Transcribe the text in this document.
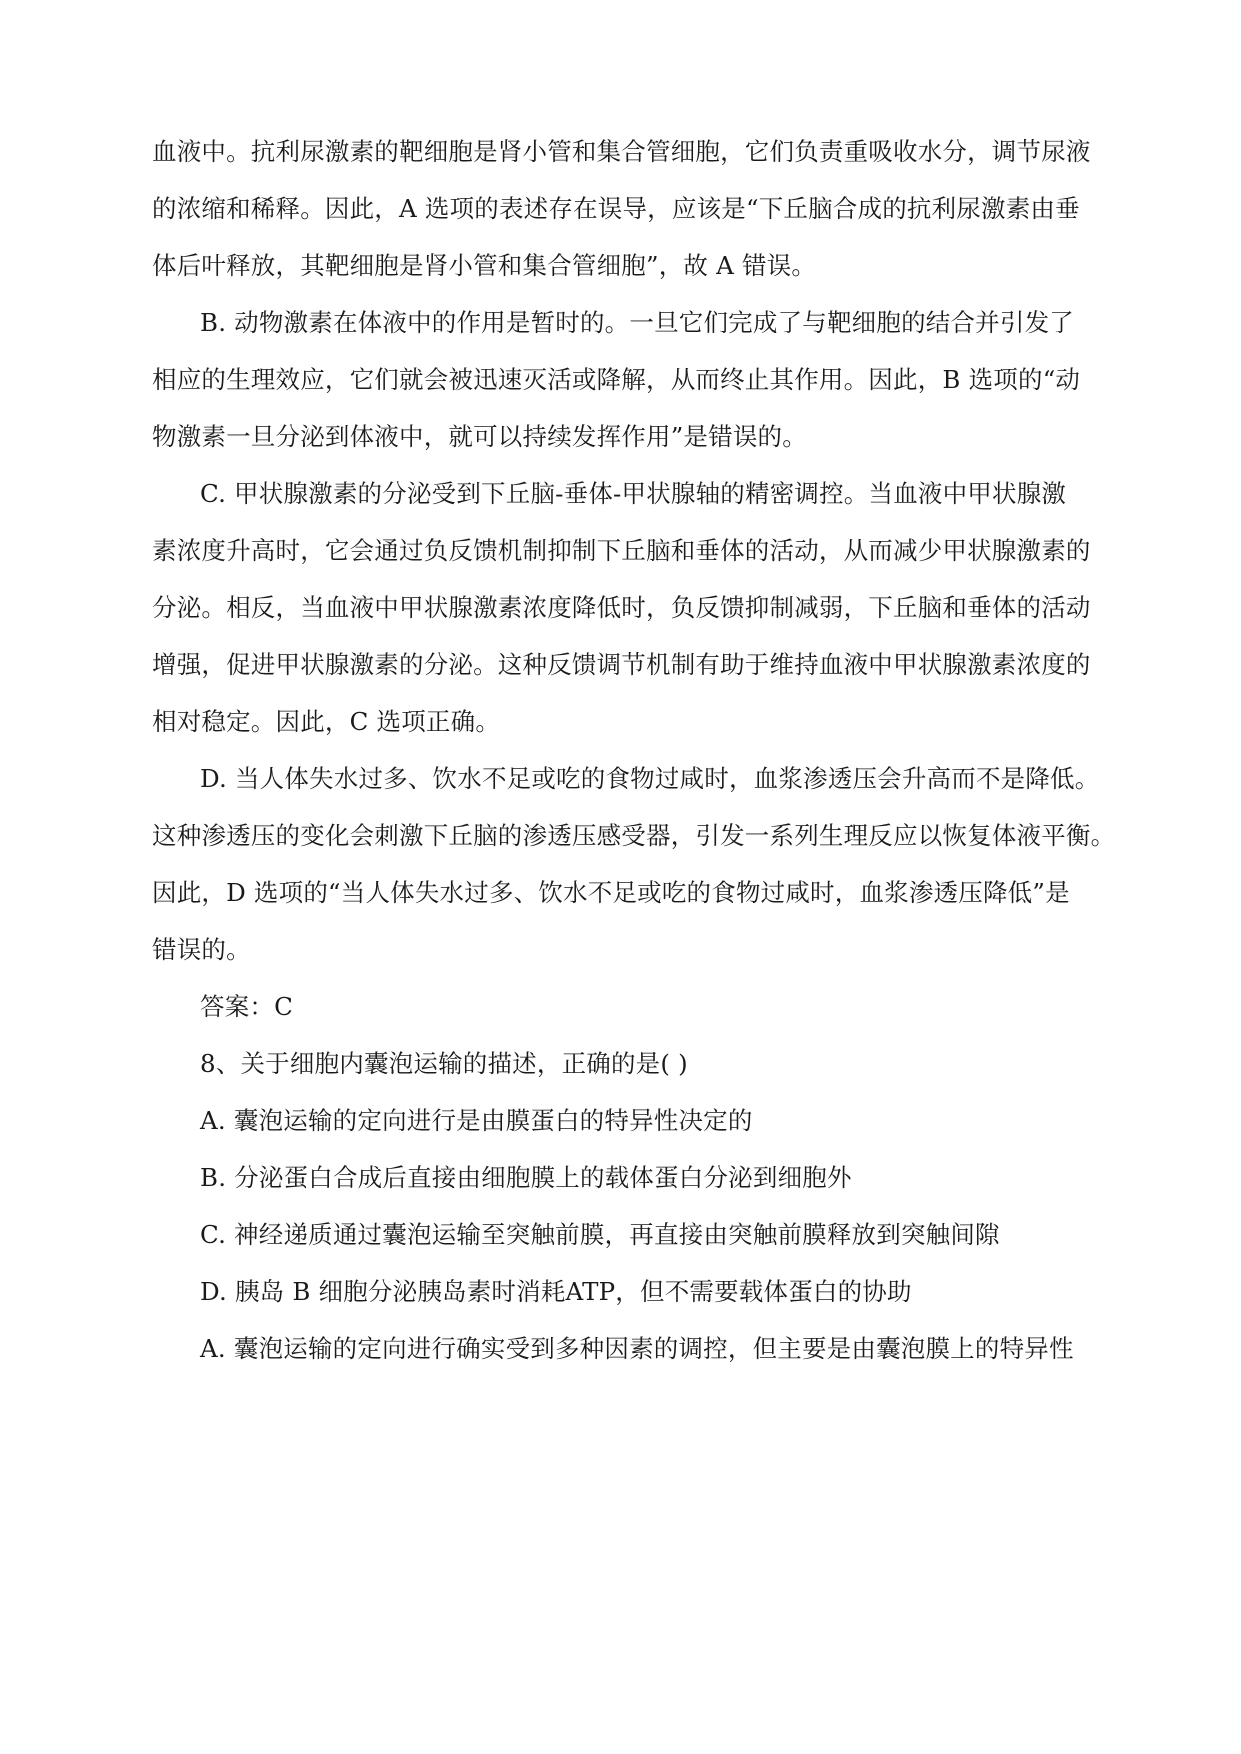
血液中。抗利尿激素的靶细胞是肾小管和集合管细胞，它们负责重吸收水分，调节尿液
的浓缩和稀释。因此，A 选项的表述存在误导，应该是“下丘脑合成的抗利尿激素由垂
体后叶释放，其靶细胞是肾小管和集合管细胞”，故 A 错误。
B. 动物激素在体液中的作用是暂时的。一旦它们完成了与靶细胞的结合并引发了
相应的生理效应，它们就会被迅速灭活或降解，从而终止其作用。因此，B 选项的“动
物激素一旦分泌到体液中，就可以持续发挥作用”是错误的。
C. 甲状腺激素的分泌受到下丘脑-垂体-甲状腺轴的精密调控。当血液中甲状腺激
素浓度升高时，它会通过负反馈机制抑制下丘脑和垂体的活动，从而减少甲状腺激素的
分泌。相反，当血液中甲状腺激素浓度降低时，负反馈抑制减弱，下丘脑和垂体的活动
增强，促进甲状腺激素的分泌。这种反馈调节机制有助于维持血液中甲状腺激素浓度的
相对稳定。因此，C 选项正确。
D. 当人体失水过多、饮水不足或吃的食物过咸时，血浆渗透压会升高而不是降低。
这种渗透压的变化会刺激下丘脑的渗透压感受器，引发一系列生理反应以恢复体液平衡。
因此，D 选项的“当人体失水过多、饮水不足或吃的食物过咸时，血浆渗透压降低”是
错误的。
答案：C
8、关于细胞内囊泡运输的描述，正确的是( )
A. 囊泡运输的定向进行是由膜蛋白的特异性决定的
B. 分泌蛋白合成后直接由细胞膜上的载体蛋白分泌到细胞外
C. 神经递质通过囊泡运输至突触前膜，再直接由突触前膜释放到突触间隙
D. 胰岛 B 细胞分泌胰岛素时消耗ATP，但不需要载体蛋白的协助
A. 囊泡运输的定向进行确实受到多种因素的调控，但主要是由囊泡膜上的特异性
